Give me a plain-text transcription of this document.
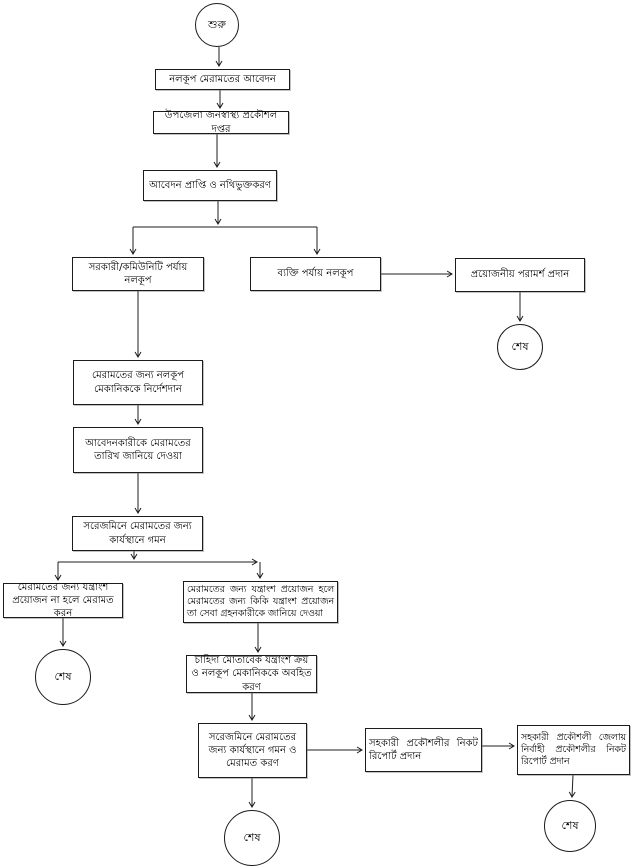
শুরু
নলকূপ মেরামতের আবেদন
উপজেলা জনস্বাস্থ্য প্রকৌশল দপ্তর
আবেদন প্রাপ্তি ও নথিভুক্তকরণ
সরকারী/কমিউনিটি পর্যায় নলকূপ
ব্যক্তি পর্যায় নলকূপ	প্রয়োজনীয় পরামর্শ প্রদান
শেষ
মেরামতের জন্য নলকূপ মেকানিককে নির্দেশদান
আবেদনকারীকে মেরামতের তারিখ জানিয়ে দেওয়া
সরেজমিনে মেরামতের জন্য কার্যস্থানে গমন
মেরামতের জন্য যন্ত্রাংশ প্রয়োজন না হলে মেরামত করন
শেষ
মেরামতের জন্য যন্ত্রাংশ প্রয়োজন হলে মেরামতের জন্য কিকি যন্ত্রাংশ প্রয়োজন তা সেবা গ্রহনকারীকে জানিয়ে দেওয়া
চাহিদা মোতাবেক যন্ত্রাংশ ক্রয় ও নলকূপ মেকানিককে অবহিত করণ
সরেজমিনে মেরামতের জন্য কার্যস্থানে গমন ও মেরামত করণ
শেষ
সহকারী প্রকৌশলীর নিকট রিপোর্ট প্রদান
সহকারী প্রকৌশলী জেলায় নির্বাহী প্রকৌশলীর নিকট রিপোর্ট প্রদান
শেষ
